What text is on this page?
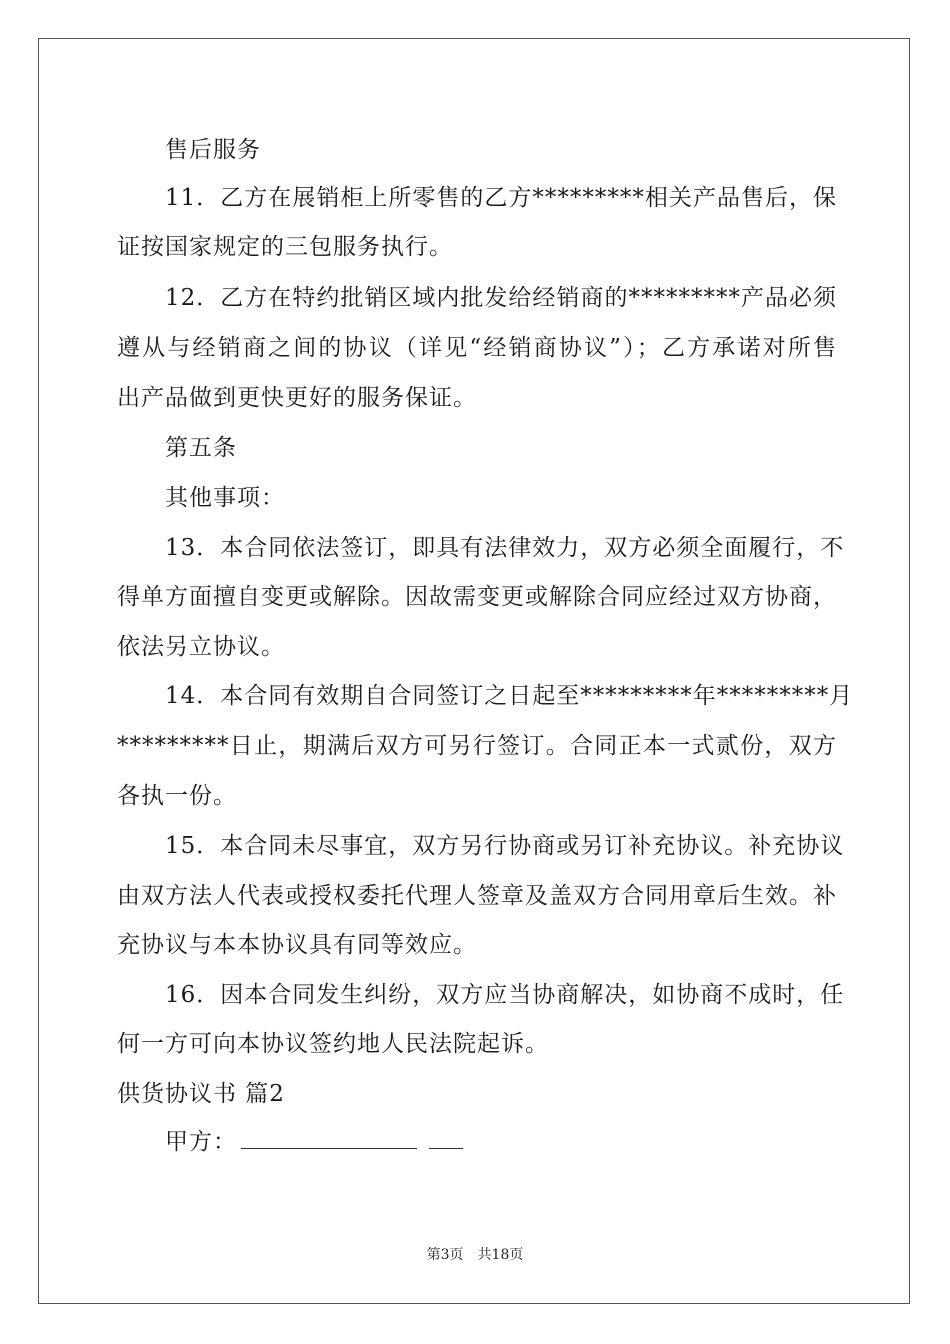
售后服务
11．乙方在展销柜上所零售的乙方*********相关产品售后，保
证按国家规定的三包服务执行。
12．乙方在特约批销区域内批发给经销商的*********产品必须
遵从与经销商之间的协议（详见“经销商协议”）；乙方承诺对所售
出产品做到更快更好的服务保证。
第五条
其他事项：
13．本合同依法签订，即具有法律效力，双方必须全面履行，不
得单方面擅自变更或解除。因故需变更或解除合同应经过双方协商，
依法另立协议。
14．本合同有效期自合同签订之日起至*********年*********月
*********日止，期满后双方可另行签订。合同正本一式贰份，双方
各执一份。
15．本合同未尽事宜，双方另行协商或另订补充协议。补充协议
由双方法人代表或授权委托代理人签章及盖双方合同用章后生效。补
充协议与本本协议具有同等效应。
16．因本合同发生纠纷，双方应当协商解决，如协商不成时，任
何一方可向本协议签约地人民法院起诉。
供货协议书 篇2
甲方：
第3页　共18页
